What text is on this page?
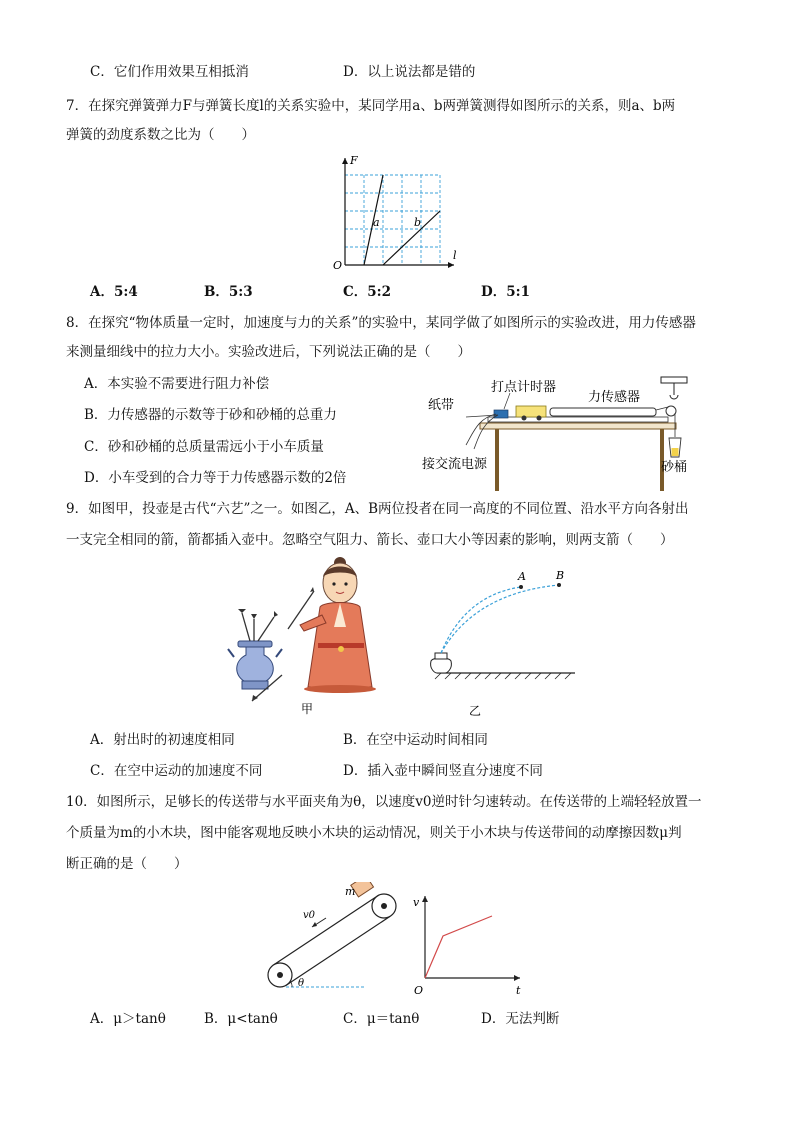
C．它们作用效果互相抵消	D．以上说法都是错的
7．在探究弹簧弹力F与弹簧长度l的关系实验中，某同学用a、b两弹簧测得如图所示的关系，则a、b两
弹簧的劲度系数之比为（　　）
F
l
O
a	b
A．5:4	B．5:3	C．5:2	D．5:1
8．在探究“物体质量一定时，加速度与力的关系”的实验中，某同学做了如图所示的实验改进，用力传感器
来测量细线中的拉力大小。实验改进后，下列说法正确的是（　　）
A．本实验不需要进行阻力补偿
B．力传感器的示数等于砂和砂桶的总重力
C．砂和砂桶的总质量需远小于小车质量
D．小车受到的合力等于力传感器示数的2倍
打点计时器
力传感器
纸带
接交流电源	砂桶
9．如图甲，投壶是古代“六艺”之一。如图乙，A、B两位投者在同一高度的不同位置、沿水平方向各射出
一支完全相同的箭，箭都插入壶中。忽略空气阻力、箭长、壶口大小等因素的影响，则两支箭（　　）
甲
A	B
乙
A．射出时的初速度相同	B．在空中运动时间相同
C．在空中运动的加速度不同	D．插入壶中瞬间竖直分速度不同
10．如图所示，足够长的传送带与水平面夹角为θ，以速度v0逆时针匀速转动。在传送带的上端轻轻放置一
个质量为m的小木块，图中能客观地反映小木块的运动情况，则关于小木块与传送带间的动摩擦因数μ判
断正确的是（　　）
m
v0
θ
v
t
O
A．μ＞tanθ	B．μ<tanθ	C．μ＝tanθ	D．无法判断
